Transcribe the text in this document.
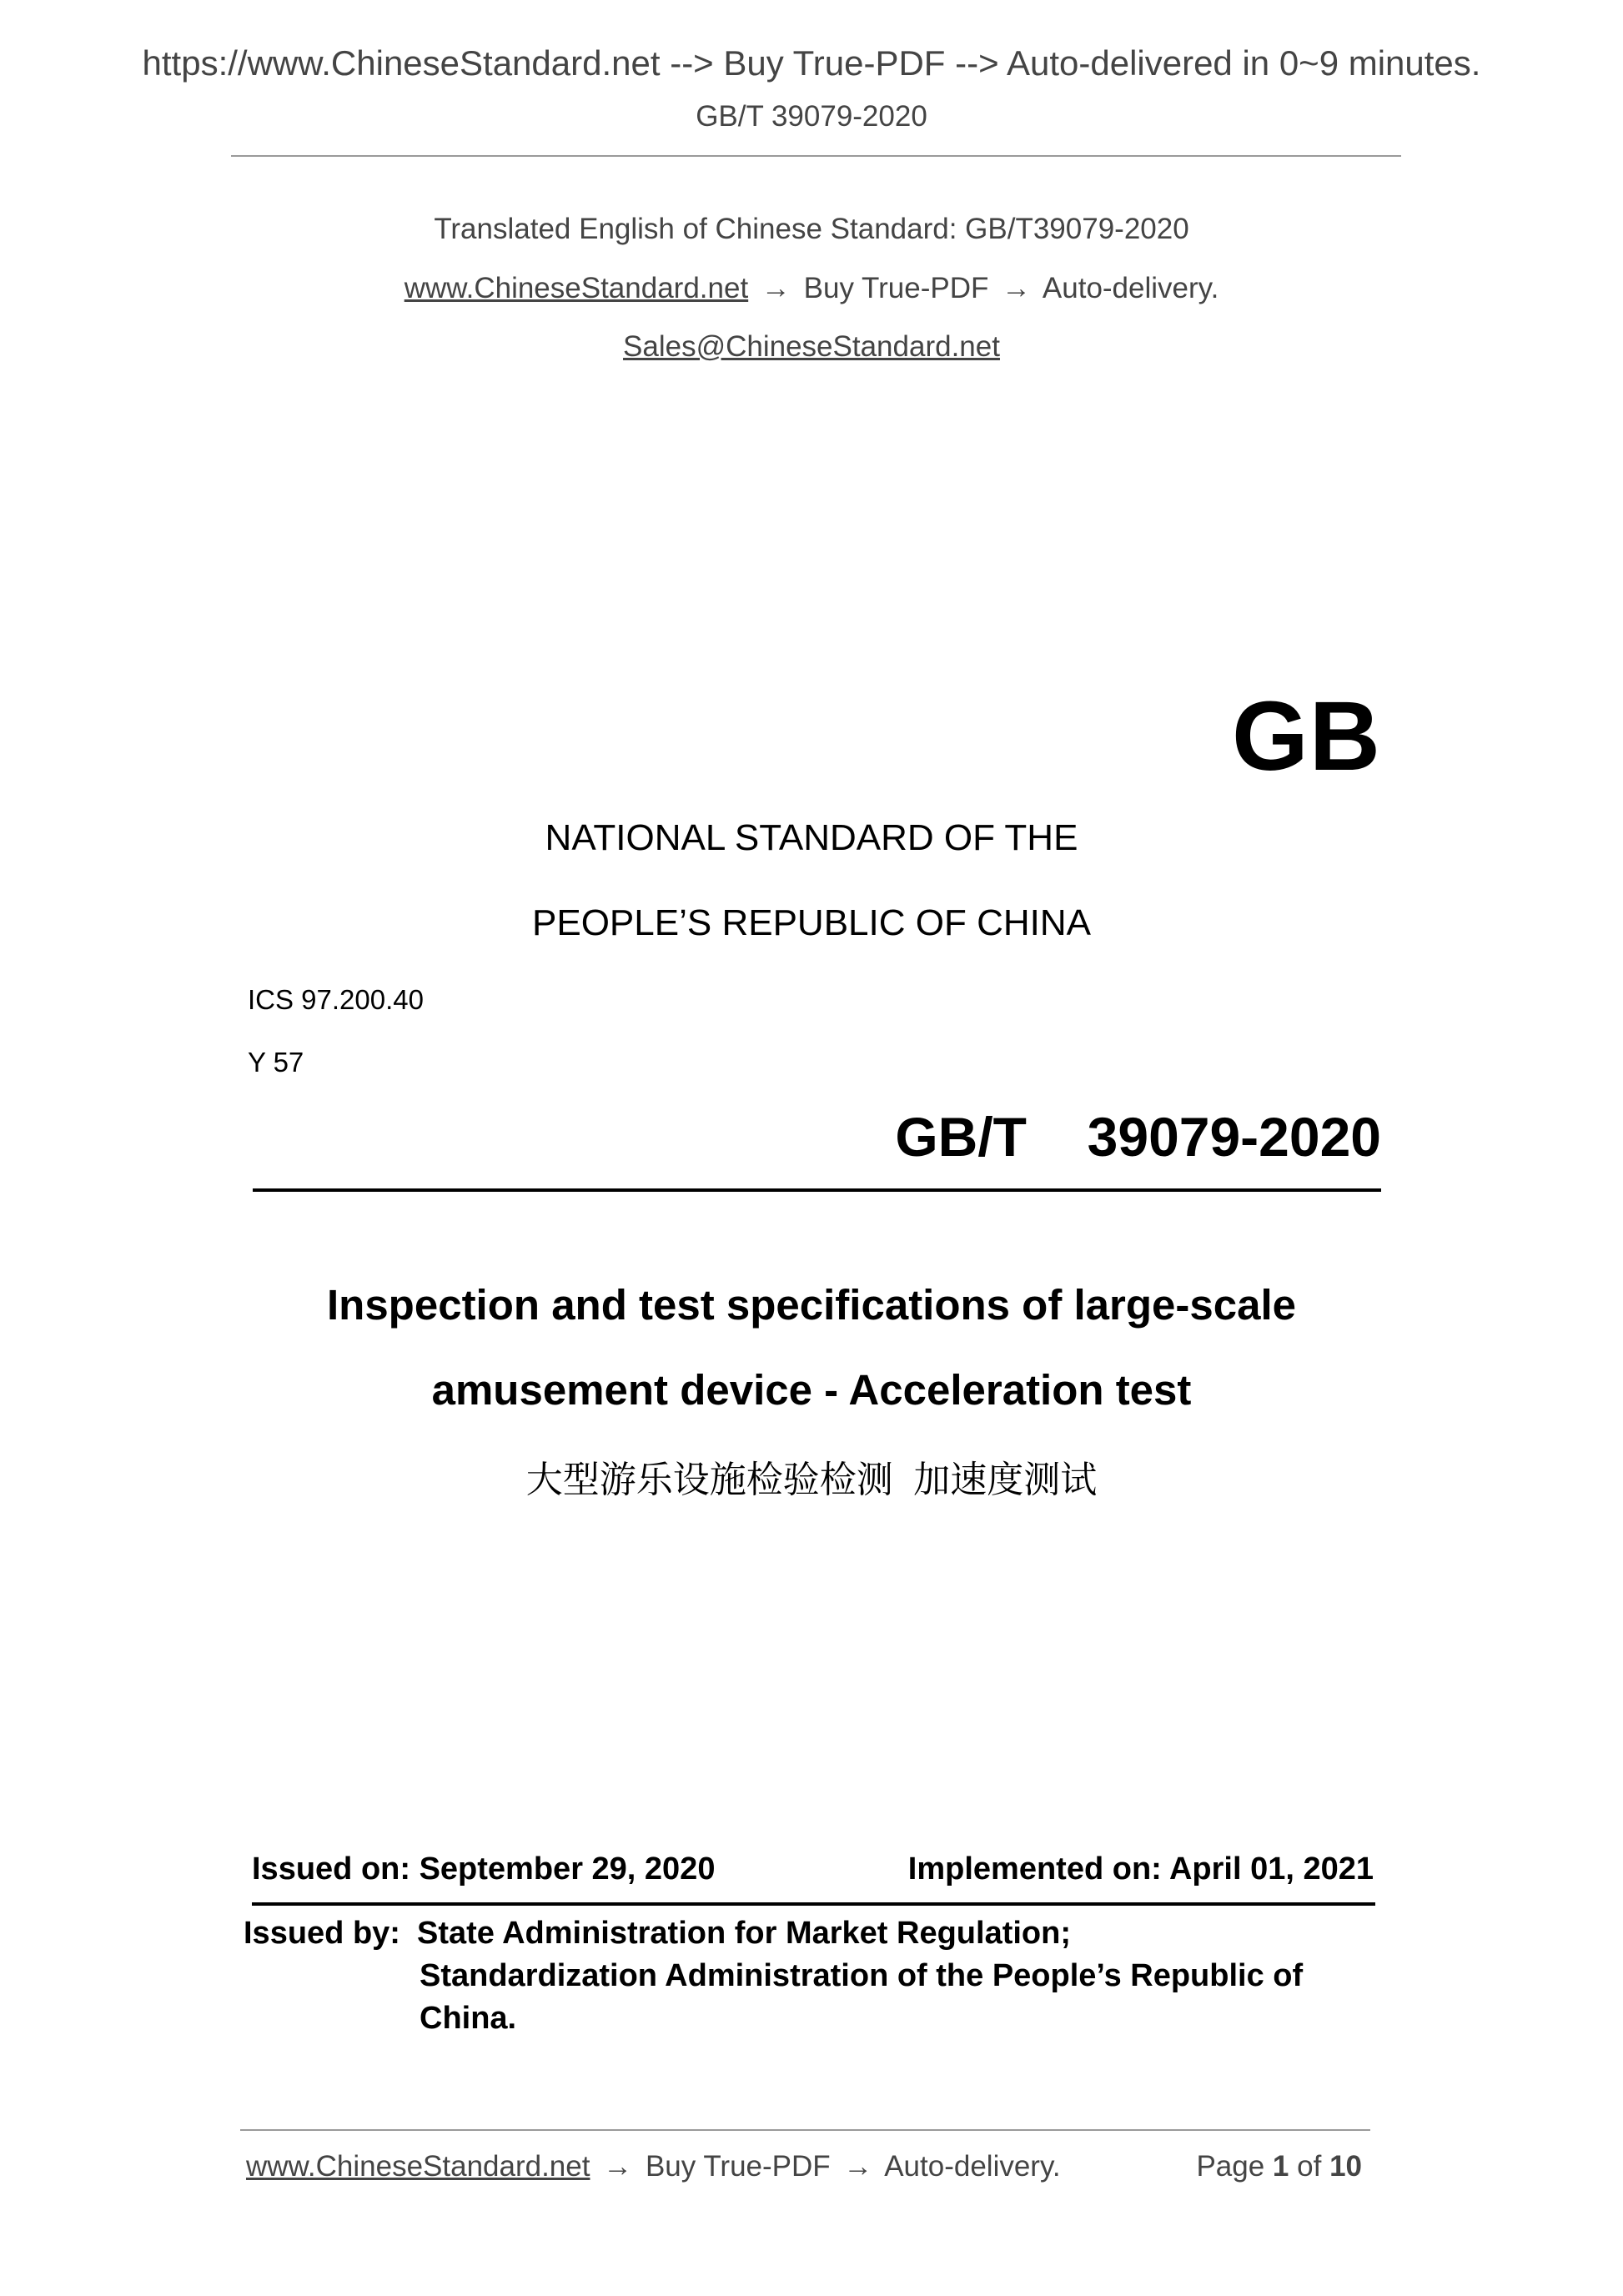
https://www.ChineseStandard.net --> Buy True-PDF --> Auto-delivered in 0~9 minutes.
GB/T 39079-2020
Translated English of Chinese Standard: GB/T39079-2020
www.ChineseStandard.net → Buy True-PDF → Auto-delivery.
Sales@ChineseStandard.net
GB
NATIONAL STANDARD OF THE
PEOPLE’S REPUBLIC OF CHINA
ICS 97.200.40
Y 57
GB/T  39079-2020
Inspection and test specifications of large-scale
amusement device - Acceleration test
大型游乐设施检验检测  加速度测试
Issued on: September 29, 2020	Implemented on: April 01, 2021
Issued by: State Administration for Market Regulation;
Standardization Administration of the People’s Republic of
China.
www.ChineseStandard.net → Buy True-PDF → Auto-delivery.	Page 1 of 10
